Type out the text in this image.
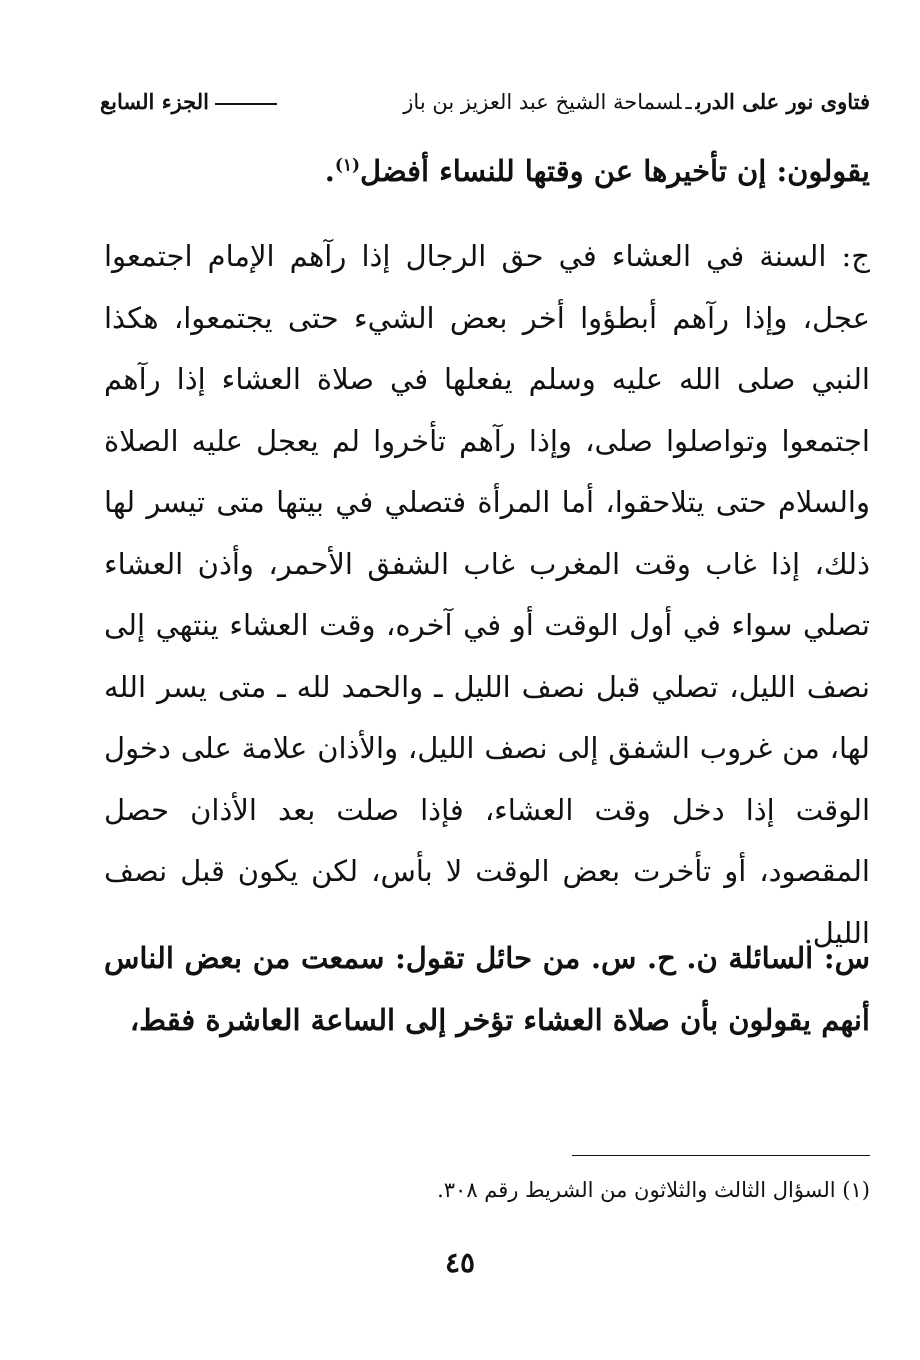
فتاوى نور على الدربـلسماحة الشيخ عبد العزيز بن باز
الجزء السابع
يقولون: إن تأخيرها عن وقتها للنساء أفضل$^{(١)}$.
ج: السنة في العشاء في حق الرجال إذا رآهم الإمام اجتمعوا عجل، وإذا رآهم أبطؤوا أخر بعض الشيء حتى يجتمعوا، هكذا النبي صلى الله عليه وسلم يفعلها في صلاة العشاء إذا رآهم اجتمعوا وتواصلوا صلى، وإذا رآهم تأخروا لم يعجل عليه الصلاة والسلام حتى يتلاحقوا، أما المرأة فتصلي في بيتها متى تيسر لها ذلك، إذا غاب وقت المغرب غاب الشفق الأحمر، وأذن العشاء تصلي سواء في أول الوقت أو في آخره، وقت العشاء ينتهي إلى نصف الليل، تصلي قبل نصف الليل ـ والحمد لله ـ متى يسر الله لها، من غروب الشفق إلى نصف الليل، والأذان علامة على دخول الوقت إذا دخل وقت العشاء، فإذا صلت بعد الأذان حصل المقصود، أو تأخرت بعض الوقت لا بأس، لكن يكون قبل نصف الليل.
س: السائلة ن. ح. س. من حائل تقول: سمعت من بعض الناس أنهم يقولون بأن صلاة العشاء تؤخر إلى الساعة العاشرة فقط،
(١) السؤال الثالث والثلاثون من الشريط رقم ٣٠٨.
٤٥
